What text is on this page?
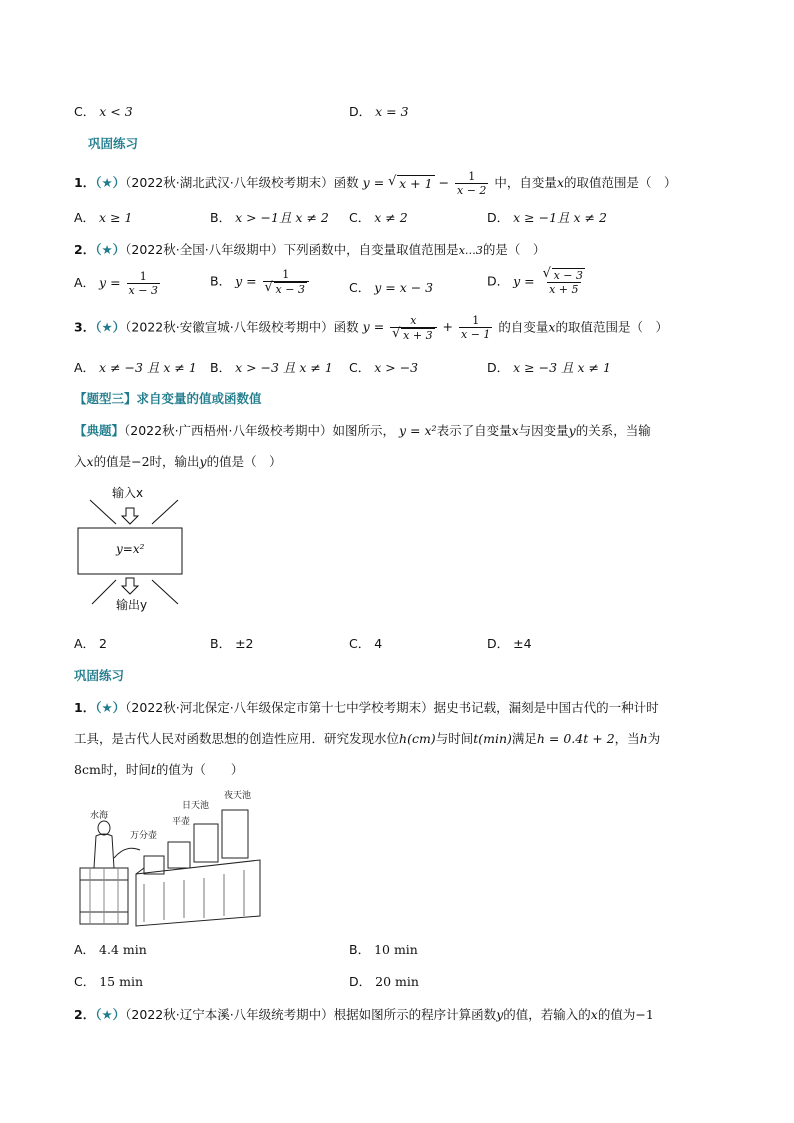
C． x < 3	D． x = 3
巩固练习
1．（★）（2022秋·湖北武汉·八年级校考期末）函数 y = √ $x + 1 - \frac{1}{x - 2}$ 中，自变量x的取值范围是（　）
A． x ≥ 1	B． x > −1且 x ≠ 2 C． x ≠ 2	D． x ≥ −1且 x ≠ 2
2．（★）（2022秋·全国·八年级期中）下列函数中，自变量取值范围是x…3的是（　）
A． $y = \frac{1}{x - 3}$	B． $y = \frac{1}{√ x - 3}$	C． y = x − 3	D． $y = \frac{√ x - 3}{x + 5}$
3．（★）（2022秋·安徽宣城·八年级校考期中）函数 $y = \frac{x}{√ x + 3} + \frac{1}{x - 1}$ 的自变量x的取值范围是（　）
A． x ≠ −3 且 x ≠ 1 B． x > −3 且 x ≠ 1 C． x > −3	D． x ≥ −3 且 x ≠ 1
【题型三】求自变量的值或函数值
【典题】（2022秋·广西梧州·八年级校考期中）如图所示， y = x²表示了自变量x与因变量y的关系，当输
入x的值是−2时，输出y的值是（　）
输入x
y=x²
输出y
A． 2	B． ±2	C． 4	D． ±4
巩固练习
1．（★）（2022秋·河北保定·八年级保定市第十七中学校考期末）据史书记载，漏刻是中国古代的一种计时
工具，是古代人民对函数思想的创造性应用．研究发现水位h(cm)与时间t(min)满足h = 0.4t + 2，当h为
8cm时，时间t的值为（　　）
水海
万分壶
平壶
日天池
夜天池
A． 4.4 min	B． 10 min
C． 15 min	D． 20 min
2．（★）（2022秋·辽宁本溪·八年级统考期中）根据如图所示的程序计算函数y的值，若输入的x的值为−1
